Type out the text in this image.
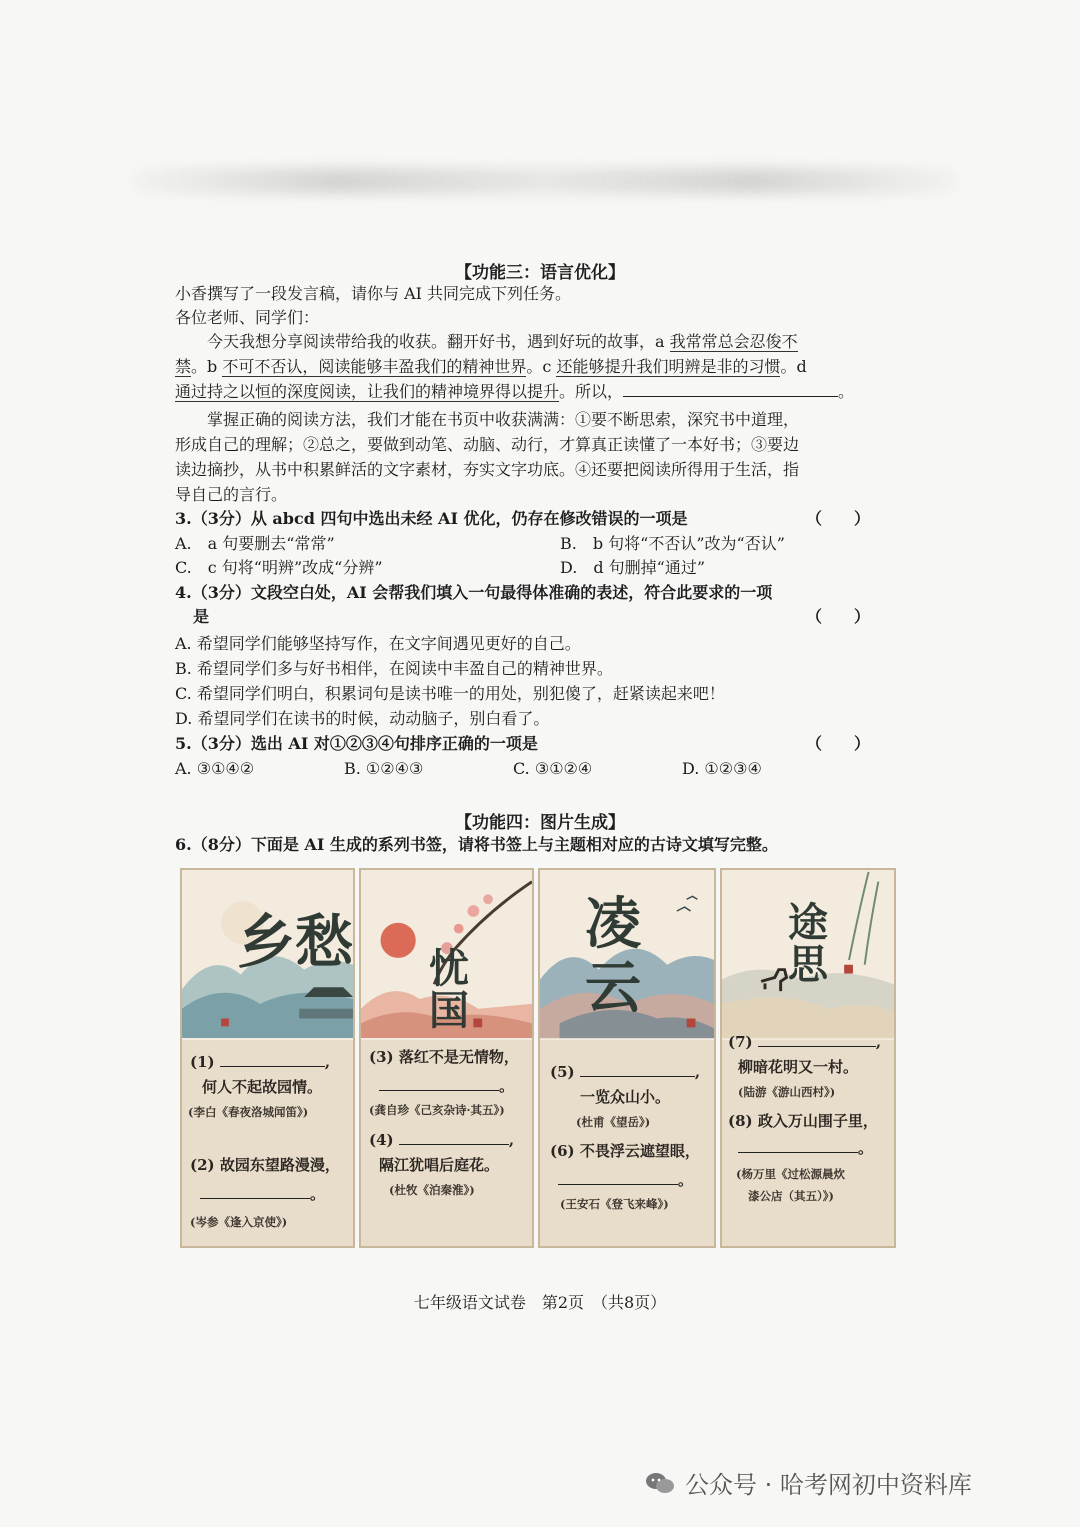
【功能三：语言优化】
小香撰写了一段发言稿，请你与 AI 共同完成下列任务。
各位老师、同学们：
今天我想分享阅读带给我的收获。翻开好书，遇到好玩的故事，a 我常常总会忍俊不
禁。b 不可不否认，阅读能够丰盈我们的精神世界。c 还能够提升我们明辨是非的习惯。d
通过持之以恒的深度阅读，让我们的精神境界得以提升。所以，	。
掌握正确的阅读方法，我们才能在书页中收获满满：①要不断思索，深究书中道理，
形成自己的理解；②总之，要做到动笔、动脑、动行，才算真正读懂了一本好书；③要边
读边摘抄，从书中积累鲜活的文字素材，夯实文字功底。④还要把阅读所得用于生活，指
导自己的言行。
3.（3分）从 abcd 四句中选出未经 AI 优化，仍存在修改错误的一项是	（　　）
A.　a 句要删去“常常”	B.　b 句将“不否认”改为“否认”
C.　c 句将“明辨”改成“分辨”	D.　d 句删掉“通过”
4.（3分）文段空白处，AI 会帮我们填入一句最得体准确的表述，符合此要求的一项
是	（　　）
A. 希望同学们能够坚持写作，在文字间遇见更好的自己。
B. 希望同学们多与好书相伴，在阅读中丰盈自己的精神世界。
C. 希望同学们明白，积累词句是读书唯一的用处，别犯傻了，赶紧读起来吧！
D. 希望同学们在读书的时候，动动脑子，别白看了。
5.（3分）选出 AI 对①②③④句排序正确的一项是	（　　）
A. ③①④②	B. ①②④③	C. ③①②④	D. ①②③④
【功能四：图片生成】
6.（8分）下面是 AI 生成的系列书签，请将书签上与主题相对应的古诗文填写完整。
乡愁
(1)	,
何人不起故园情。
(李白《春夜洛城闻笛》)
(2) 故园东望路漫漫，
。
(岑参《逢入京使》)
忧国
(3) 落红不是无情物，
。
(龚自珍《己亥杂诗·其五》)
(4)	,
隔江犹唱后庭花。
(杜牧《泊秦淮》)
凌云
(5)	,
一览众山小。
(杜甫《望岳》)
(6) 不畏浮云遮望眼，
。
(王安石《登飞来峰》)
途思
(7)	,
柳暗花明又一村。
(陆游《游山西村》)
(8) 政入万山围子里，
。
(杨万里《过松源晨炊
漆公店（其五）》)
七年级语文试卷　第2页　（共8页）
公众号 · 哈考网初中资料库
